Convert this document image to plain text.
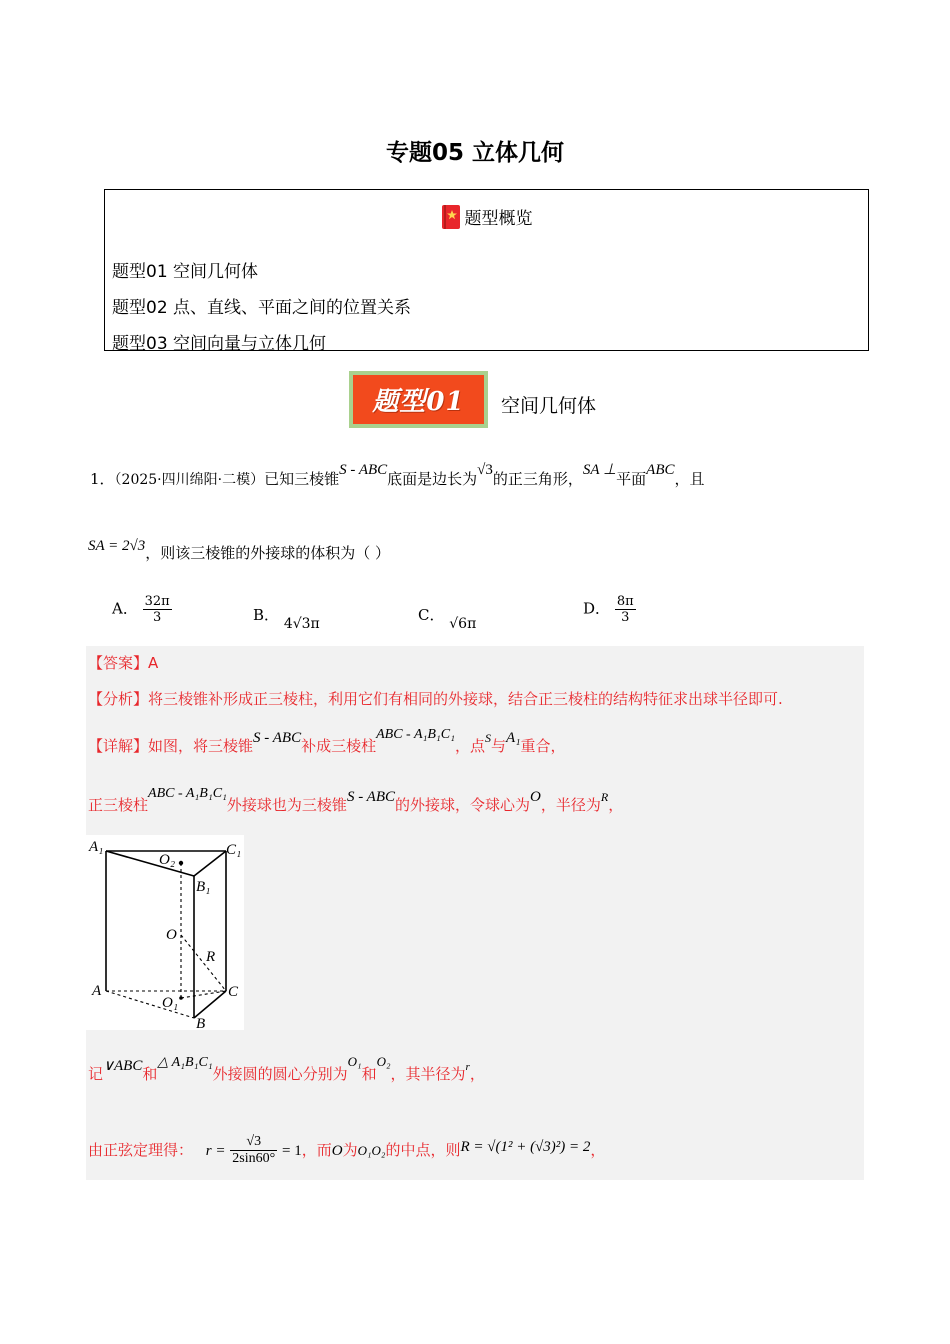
专题05 立体几何
题型概览
题型01 空间几何体
题型02 点、直线、平面之间的位置关系
题型03 空间向量与立体几何
题型01	空间几何体
1．（2025·四川绵阳·二模）已知三棱锥S - ABC底面是边长为√3的正三角形，SA ⊥平面ABC，且
SA = 2√3，则该三棱锥的外接球的体积为（ ）
A． $\frac{32\pi}{3}$	B． 4√3π	C． √6π
D． $\frac{8\pi}{3}$
【答案】A
【分析】将三棱锥补形成正三棱柱，利用它们有相同的外接球，结合正三棱柱的结构特征求出球半径即可.
【详解】如图，将三棱锥S - ABC补成三棱柱ABC - A₁B₁C₁，点$^S$与A₁重合，
正三棱柱ABC - A₁B₁C₁外接球也为三棱锥S - ABC的外接球，令球心为O，半径为$^R$，
A₁
O₂
C₁
B₁
O
R
A
O₁
C
B
记∨ABC和△ A₁B₁C₁外接圆的圆心分别为O₁和O₂，其半径为$^r$，
由正弦定理得： $r = \frac{√3}{2\sin 60^\circ} = 1$，而O为O₁O₂的中点，则R = √(1² + (√3)²) = 2，
